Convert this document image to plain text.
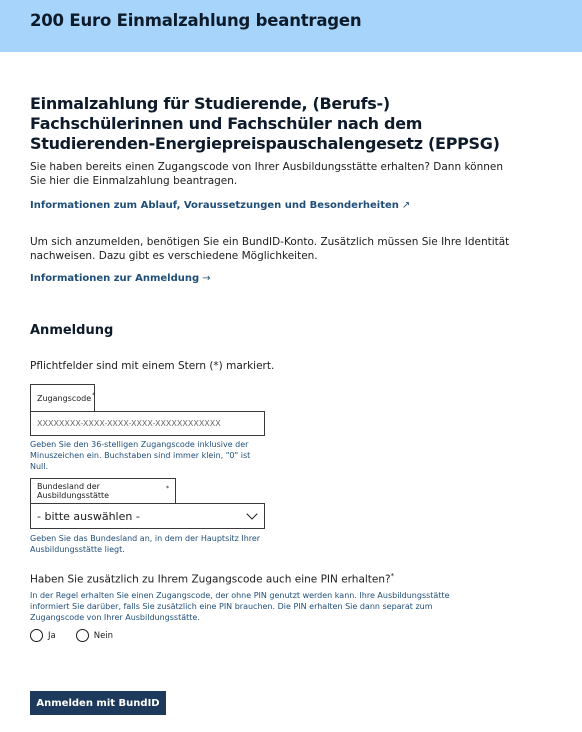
200 Euro Einmalzahlung beantragen
Einmalzahlung für Studierende, (Berufs-) Fachschülerinnen und Fachschüler nach dem Studierenden-Energiepreispauschalengesetz (EPPSG)

Sie haben bereits einen Zugangscode von Ihrer Ausbildungsstätte erhalten? Dann können Sie hier die Einmalzahlung beantragen.

Informationen zum Ablauf, Voraussetzungen und Besonderheiten ↗

Um sich anzumelden, benötigen Sie ein BundID-Konto. Zusätzlich müssen Sie Ihre Identität nachweisen. Dazu gibt es verschiedene Möglichkeiten.

Informationen zur Anmeldung →
Anmeldung

Pflichtfelder sind mit einem Stern (*) markiert.

Zugangscode*
XXXXXXXX-XXXX-XXXX-XXXX-XXXXXXXXXXXX

Geben Sie den 36-stelligen Zugangscode inklusive der Minuszeichen ein. Buchstaben sind immer klein, "0" ist Null.

Bundesland der Ausbildungsstätte
*
- bitte auswählen -

Geben Sie das Bundesland an, in dem der Hauptsitz Ihrer Ausbildungsstätte liegt.

Haben Sie zusätzlich zu Ihrem Zugangscode auch eine PIN erhalten?*

In der Regel erhalten Sie einen Zugangscode, der ohne PIN genutzt werden kann. Ihre Ausbildungsstätte informiert Sie darüber, falls Sie zusätzlich eine PIN brauchen. Die PIN erhalten Sie dann separat zum Zugangscode von Ihrer Ausbildungsstätte.

Ja	Nein
Anmelden mit BundID
